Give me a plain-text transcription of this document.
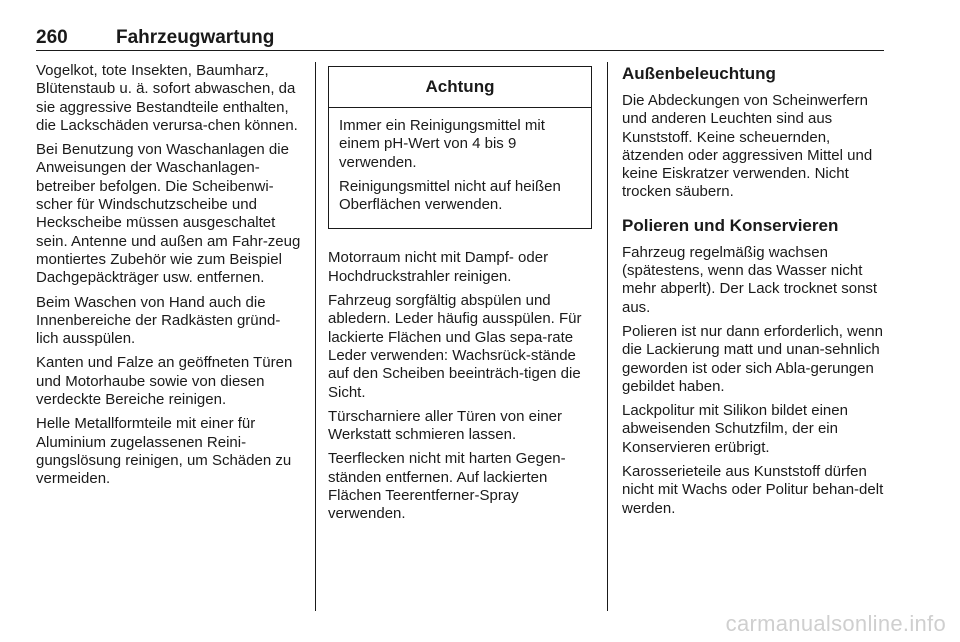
260	Fahrzeugwartung

Vogelkot, tote Insekten, Baumharz, Blütenstaub u. ä. sofort abwaschen, da sie aggressive Bestandteile enthalten, die Lackschäden verursa-chen können.

Bei Benutzung von Waschanlagen die Anweisungen der Waschanlagen-betreiber befolgen. Die Scheibenwi-scher für Windschutzscheibe und Heckscheibe müssen ausgeschaltet sein. Antenne und außen am Fahr-zeug montiertes Zubehör wie zum Beispiel Dachgepäckträger usw. entfernen.

Beim Waschen von Hand auch die Innenbereiche der Radkästen gründ-lich ausspülen.

Kanten und Falze an geöffneten Türen und Motorhaube sowie von diesen verdeckte Bereiche reinigen.

Helle Metallformteile mit einer für Aluminium zugelassenen Reini-gungslösung reinigen, um Schäden zu vermeiden.

Achtung

Immer ein Reinigungsmittel mit einem pH-Wert von 4 bis 9 verwenden.

Reinigungsmittel nicht auf heißen Oberflächen verwenden.

Motorraum nicht mit Dampf- oder Hochdruckstrahler reinigen.

Fahrzeug sorgfältig abspülen und abledern. Leder häufig ausspülen. Für lackierte Flächen und Glas sepa-rate Leder verwenden: Wachsrück-stände auf den Scheiben beeinträch-tigen die Sicht.

Türscharniere aller Türen von einer Werkstatt schmieren lassen.

Teerflecken nicht mit harten Gegen-ständen entfernen. Auf lackierten Flächen Teerentferner-Spray verwenden.

Außenbeleuchtung

Die Abdeckungen von Scheinwerfern und anderen Leuchten sind aus Kunststoff. Keine scheuernden, ätzenden oder aggressiven Mittel und keine Eiskratzer verwenden. Nicht trocken säubern.

Polieren und Konservieren

Fahrzeug regelmäßig wachsen (spätestens, wenn das Wasser nicht mehr abperlt). Der Lack trocknet sonst aus.

Polieren ist nur dann erforderlich, wenn die Lackierung matt und unan-sehnlich geworden ist oder sich Abla-gerungen gebildet haben.

Lackpolitur mit Silikon bildet einen abweisenden Schutzfilm, der ein Konservieren erübrigt.

Karosserieteile aus Kunststoff dürfen nicht mit Wachs oder Politur behan-delt werden.

carmanualsonline.info
